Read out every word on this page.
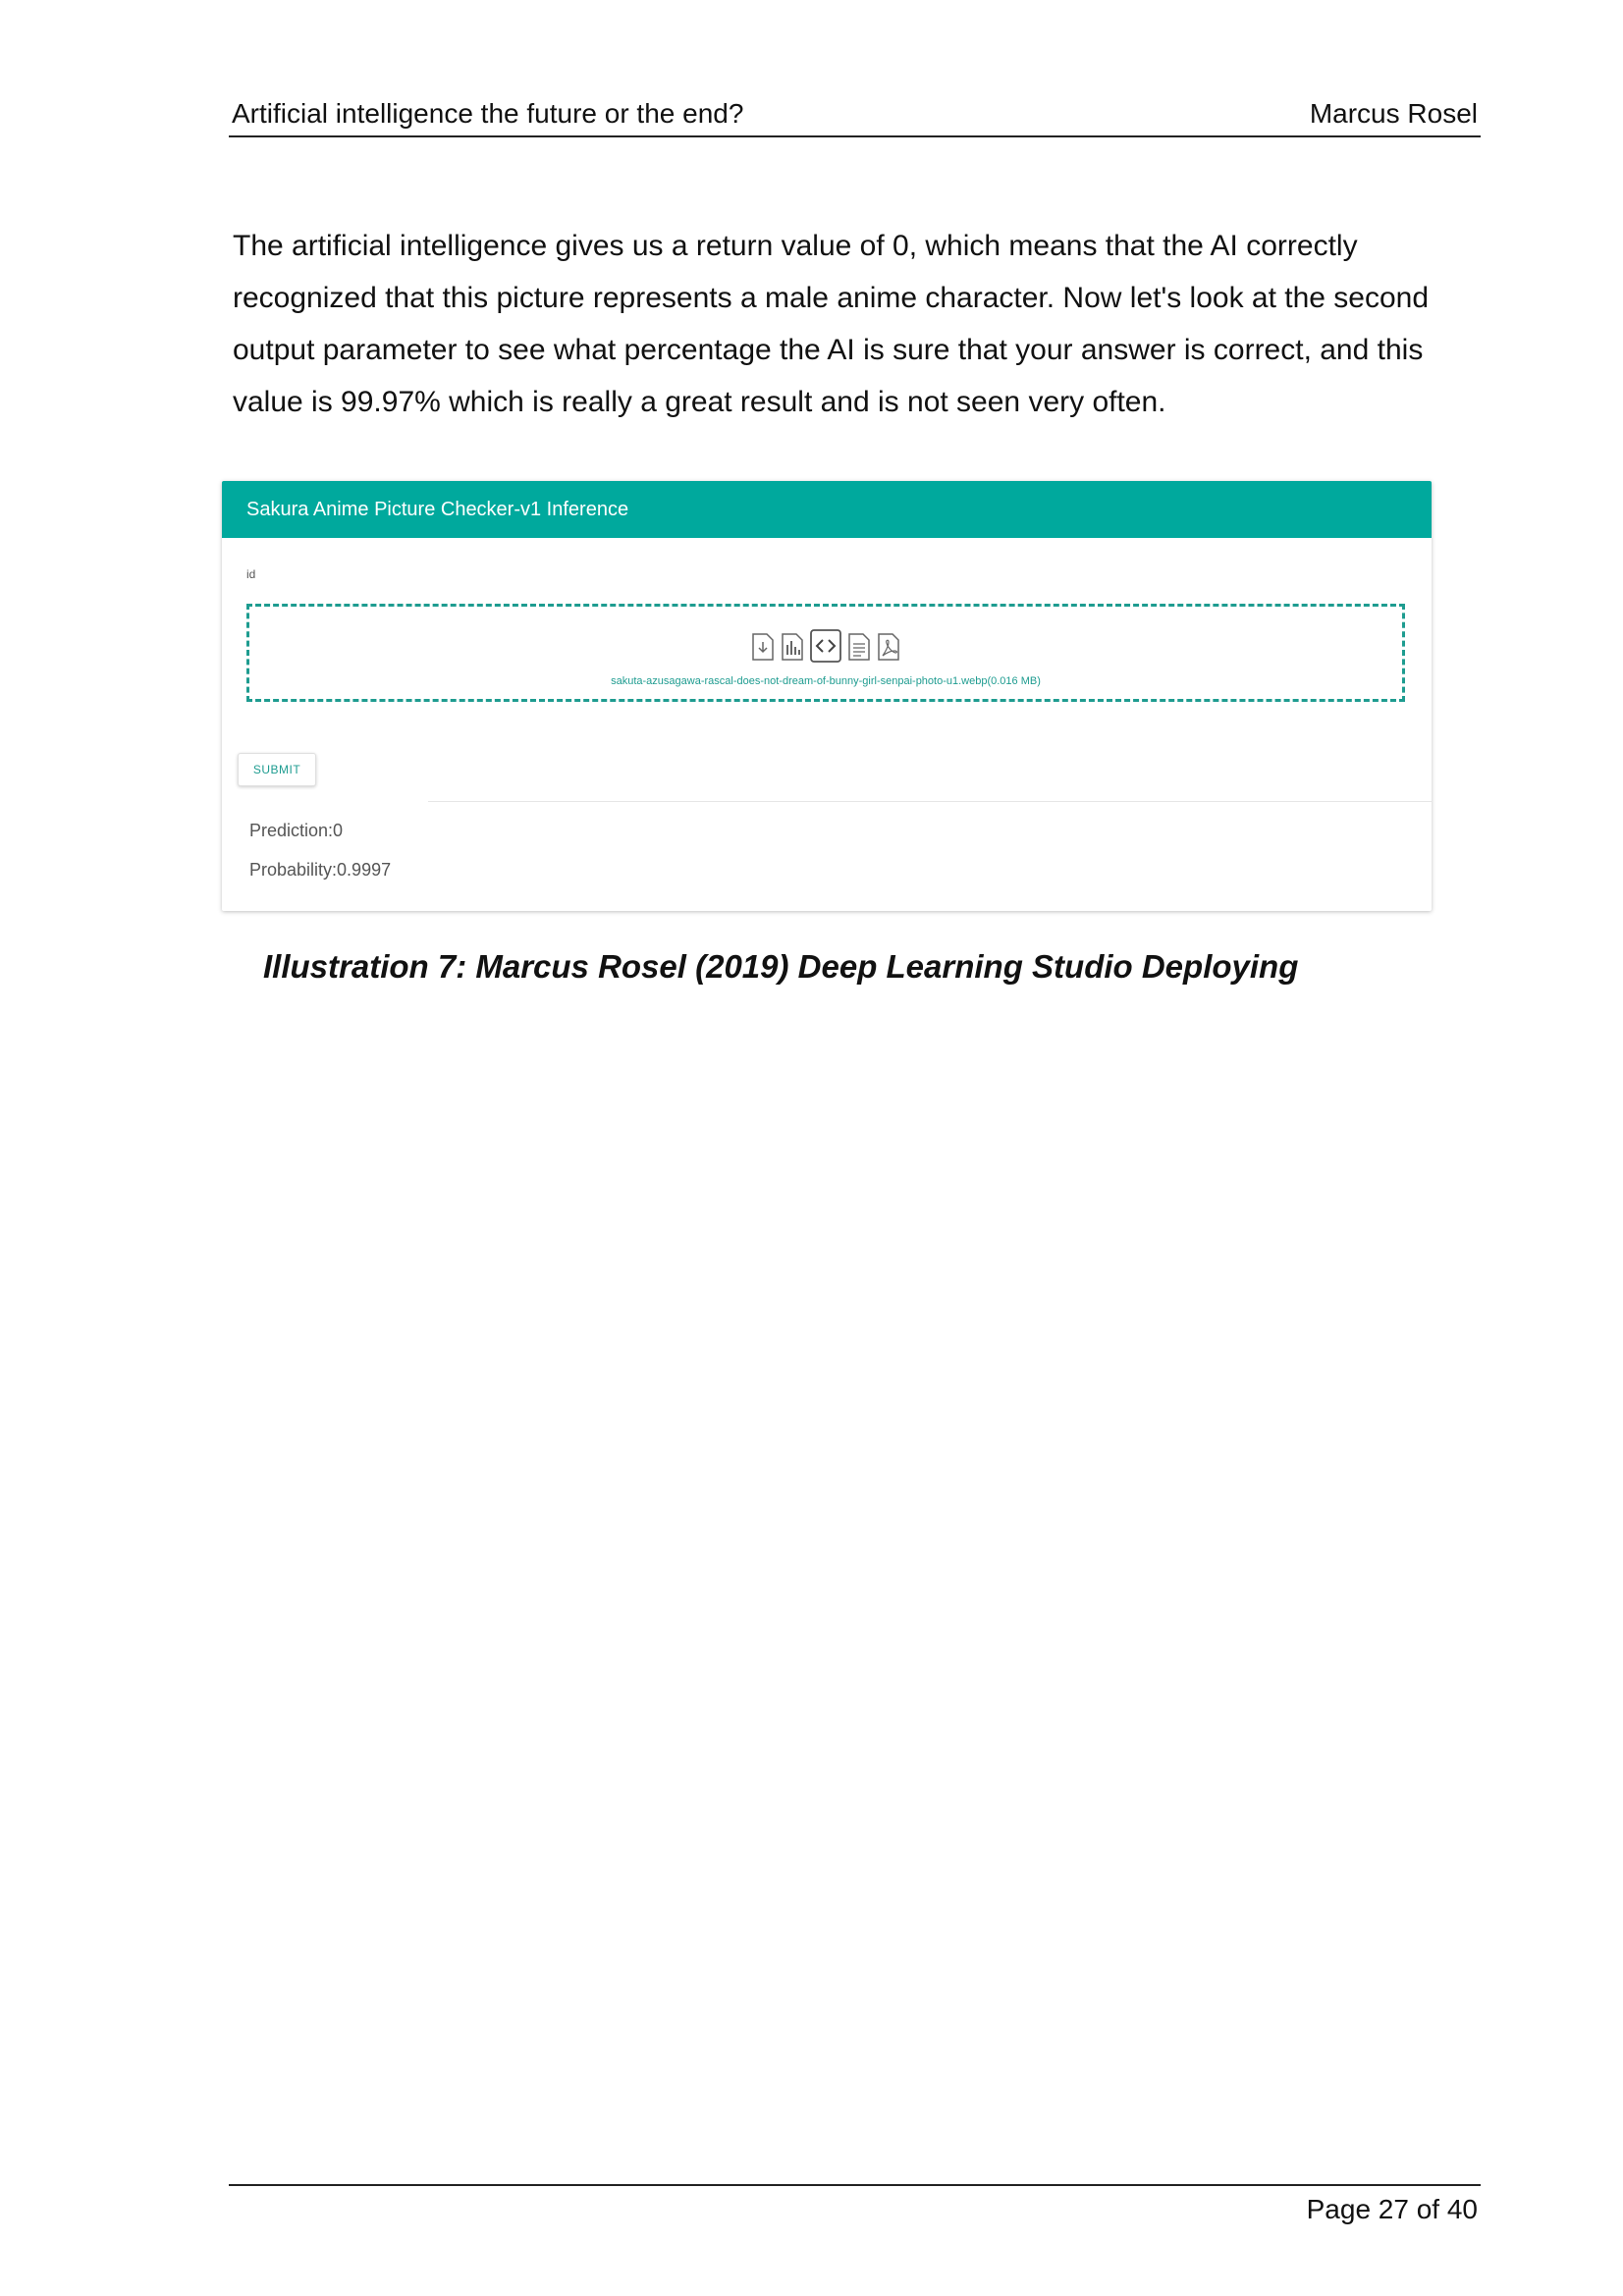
Artificial intelligence the future or the end?	Marcus Rosel

The artificial intelligence gives us a return value of 0, which means that the AI correctly recognized that this picture represents a male anime character. Now let's look at the second output parameter to see what percentage the AI is sure that your answer is correct, and this value is 99.97% which is really a great result and is not seen very often.

Sakura Anime Picture Checker-v1 Inference
id
sakuta-azusagawa-rascal-does-not-dream-of-bunny-girl-senpai-photo-u1.webp(0.016 MB)
SUBMIT
Prediction:0
Probability:0.9997

Illustration 7: Marcus Rosel (2019) Deep Learning Studio Deploying

Page 27 of 40
